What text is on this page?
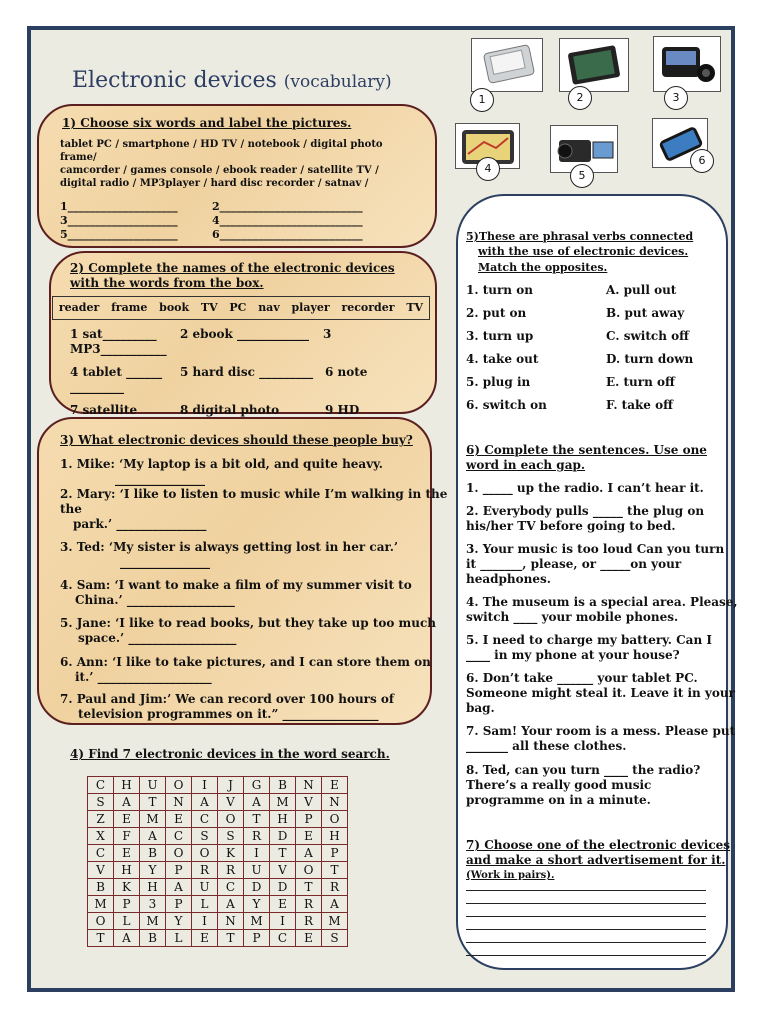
Electronic devices (vocabulary)
1	2	3
4
5
6
1) Choose six words and label the pictures.
tablet PC / smartphone / HD TV / notebook / digital photo frame/
camcorder / games console / ebook reader / satellite TV /
digital radio / MP3player / hard disc recorder / satnav /
1____________________	2__________________________
3____________________	4__________________________
5____________________	6__________________________
2) Complete the names of the electronic devices with the words from the box.
reader frame book TV PC nav player recorder TV
1 sat_________ 2 ebook ____________ 3
MP3___________
4 tablet ______ 5 hard disc _________ 6 note
_________
7 satellite	8 digital photo	9 HD
3) What electronic devices should these people buy?
1. Mike: ‘My laptop is a bit old, and quite heavy.
_______________
2. Mary: ‘I like to listen to music while I’m walking in the
the
park.’ _______________
3. Ted: ‘My sister is always getting lost in her car.’
_______________
4. Sam: ‘I want to make a film of my summer visit to
China.’ __________________
5. Jane: ‘I like to read books, but they take up too much
space.’ __________________
6. Ann: ‘I like to take pictures, and I can store them on
it.’ ___________________
7. Paul and Jim:’ We can record over 100 hours of
television programmes on it.” ________________
4) Find 7 electronic devices in the word search.
C	H	U	O	I	J	G	B	N	E
S	A	T	N	A	V	A	M	V	N
Z	E	M	E	C	O	T	H	P	O
X	F	A	C	S	S	R	D	E	H
C	E	B	O	O	K	I	T	A	P
V	H	Y	P	R	R	U	V	O	T
B	K	H	A	U	C	D	D	T	R
M	P	3	P	L	A	Y	E	R	A
O	L	M	Y	I	N	M	I	R	M
T	A	B	L	E	T	P	C	E	S
5)These are phrasal verbs connected
with the use of electronic devices.
Match the opposites.
1. turn on
2. put on
3. turn up
4. take out
5. plug in
6. switch on
A. pull out
B. put away
C. switch off
D. turn down
E. turn off
F. take off
6) Complete the sentences. Use one
word in each gap.
1. _____ up the radio. I can’t hear it.
2. Everybody pulls _____ the plug on
his/her TV before going to bed.
3. Your music is too loud Can you turn
it _______, please, or _____on your
headphones.
4. The museum is a special area. Please,
switch ____ your mobile phones.
5. I need to charge my battery. Can I
____ in my phone at your house?
6. Don’t take ______ your tablet PC.
Someone might steal it. Leave it in your
bag.
7. Sam! Your room is a mess. Please put
_______ all these clothes.
8. Ted, can you turn ____ the radio?
There’s a really good music
programme on in a minute.
7) Choose one of the electronic devices
and make a short advertisement for it.
(Work in pairs).
